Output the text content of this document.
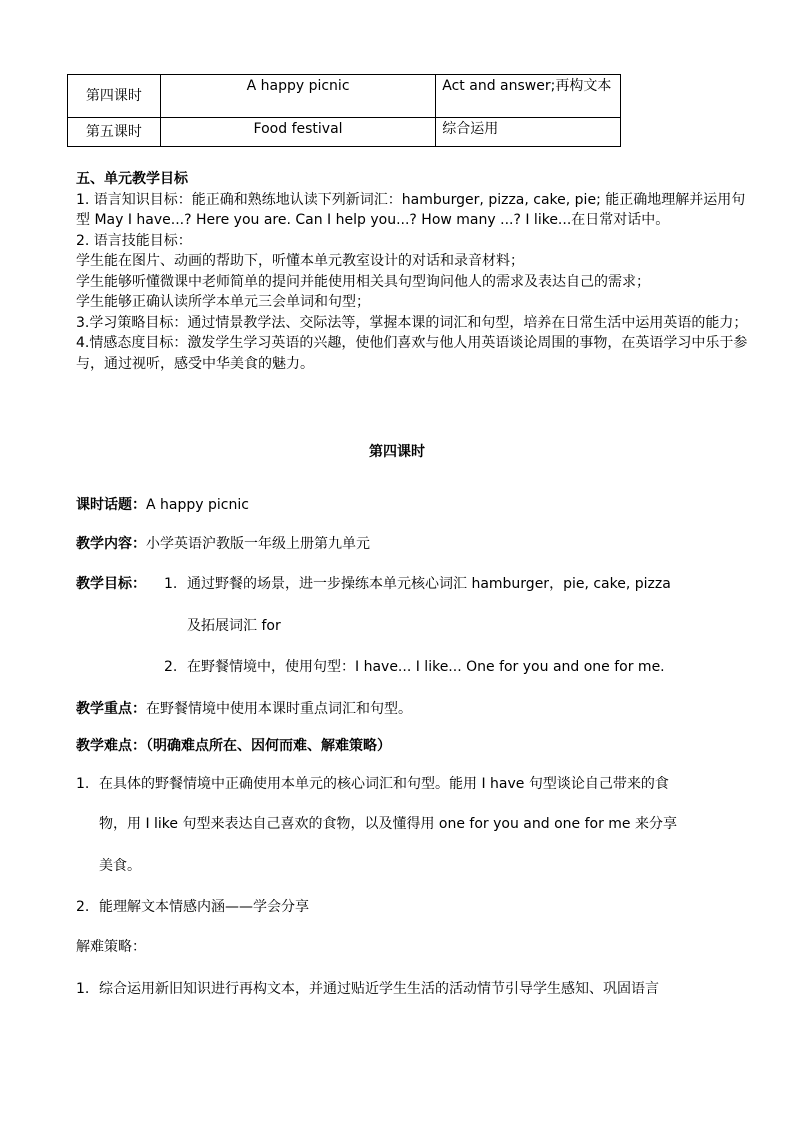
第四课时	A happy picnic	Act and answer;再构文本
第五课时	Food festival	综合运用

五、单元教学目标

1. 语言知识目标：能正确和熟练地认读下列新词汇：hamburger, pizza, cake, pie; 能正确地理解并运用句型 May I have...? Here you are. Can I help you...? How many ...? I like...在日常对话中。

2. 语言技能目标：

学生能在图片、动画的帮助下，听懂本单元教室设计的对话和录音材料；

学生能够听懂微课中老师简单的提问并能使用相关具句型询问他人的需求及表达自己的需求；

学生能够正确认读所学本单元三会单词和句型；

3.学习策略目标：通过情景教学法、交际法等，掌握本课的词汇和句型，培养在日常生活中运用英语的能力；

4.情感态度目标：激发学生学习英语的兴趣，使他们喜欢与他人用英语谈论周围的事物，在英语学习中乐于参与，通过视听，感受中华美食的魅力。

第四课时
课时话题：A happy picnic
教学内容：小学英语沪教版一年级上册第九单元
教学目标： 1. 通过野餐的场景，进一步操练本单元核心词汇 hamburger，pie, cake, pizza
及拓展词汇 for
2. 在野餐情境中，使用句型：I have... I like... One for you and one for me.
教学重点：在野餐情境中使用本课时重点词汇和句型。
教学难点：（明确难点所在、因何而难、解难策略）
1. 在具体的野餐情境中正确使用本单元的核心词汇和句型。能用 I have 句型谈论自己带来的食
物，用 I like 句型来表达自己喜欢的食物，以及懂得用 one for you and one for me 来分享
美食。
2. 能理解文本情感内涵——学会分享
解难策略：
1. 综合运用新旧知识进行再构文本，并通过贴近学生生活的活动情节引导学生感知、巩固语言
